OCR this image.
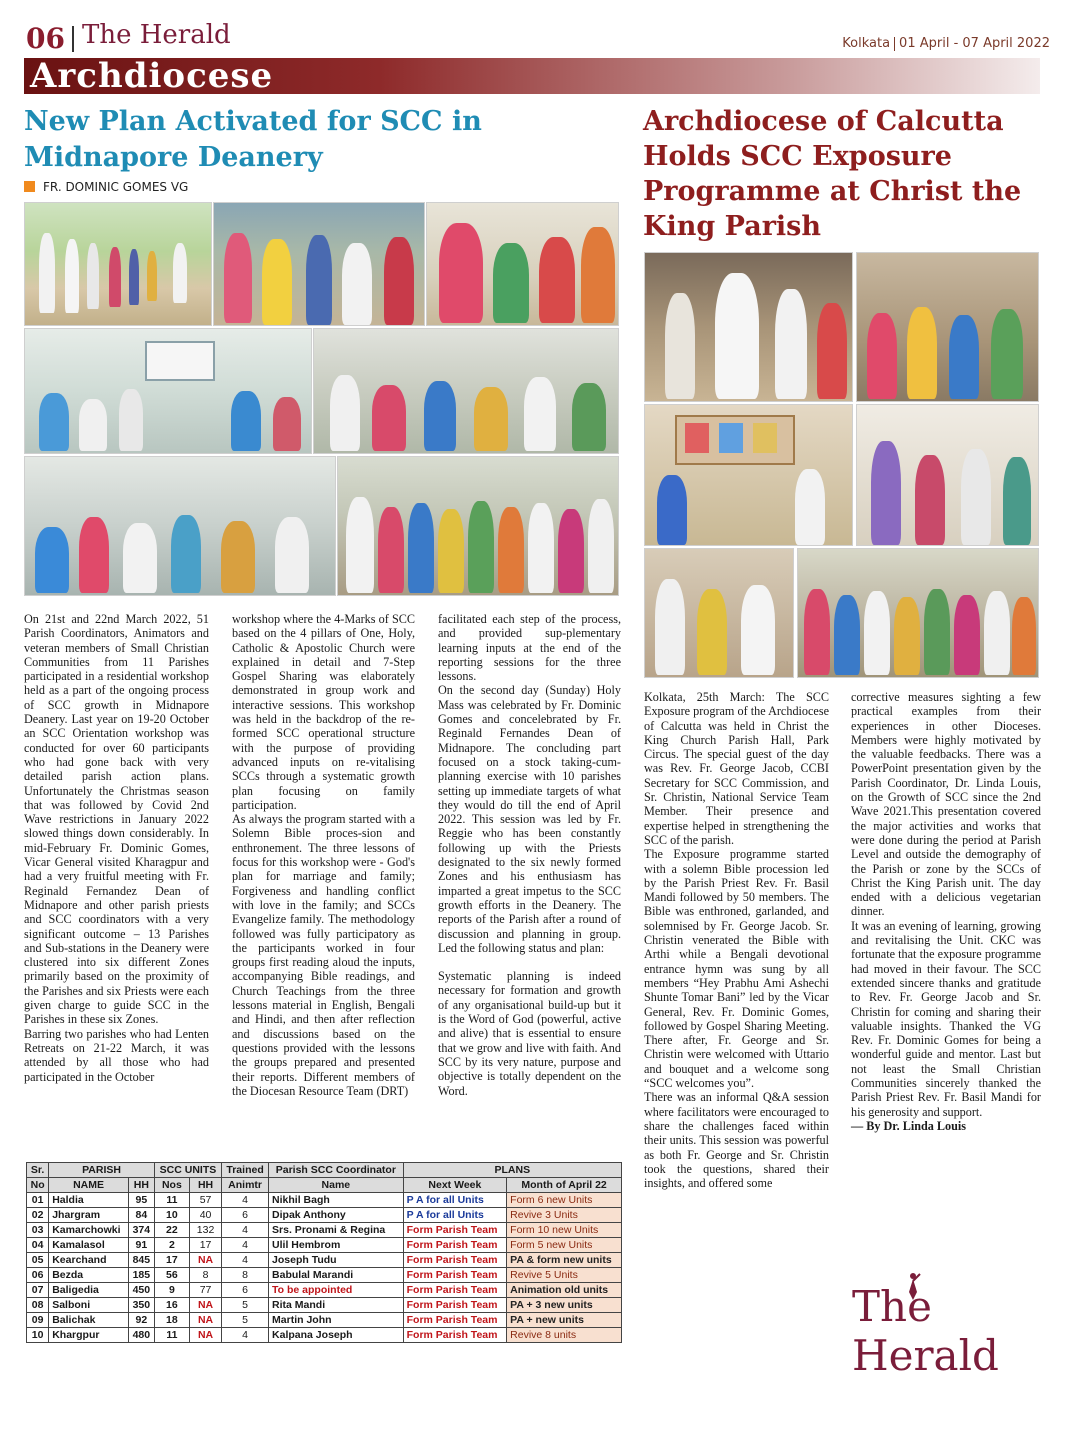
06 The Herald	Kolkata 01 April - 07 April 2022
Archdiocese
New Plan Activated for SCC in Midnapore Deanery
FR. DOMINIC GOMES VG
Archdiocese of Calcutta Holds SCC Exposure Programme at Christ the King Parish

On 21st and 22nd March 2022, 51 Parish Coordinators, Animators and veteran members of Small Christian Communities from 11 Parishes participated in a residential workshop held as a part of the ongoing process of SCC growth in Midnapore Deanery. Last year on 19-20 October an SCC Orientation workshop was conducted for over 60 participants who had gone back with very detailed parish action plans. Unfortunately the Christmas season that was followed by Covid 2nd Wave restrictions in January 2022 slowed things down considerably. In mid-February Fr. Dominic Gomes, Vicar General visited Kharagpur and had a very fruitful meeting with Fr. Reginald Fernandez Dean of Midnapore and other parish priests and SCC coordinators with a very significant outcome – 13 Parishes and Sub-stations in the Deanery were clustered into six different Zones primarily based on the proximity of the Parishes and six Priests were each given charge to guide SCC in the Parishes in these six Zones.

Barring two parishes who had Lenten Retreats on 21-22 March, it was attended by all those who had participated in the October

workshop where the 4-Marks of SCC based on the 4 pillars of One, Holy, Catholic & Apostolic Church were explained in detail and 7-Step Gospel Sharing was elaborately demonstrated in group work and interactive sessions. This workshop was held in the backdrop of the re-formed SCC operational structure with the purpose of providing advanced inputs on re-vitalising SCCs through a systematic growth plan focusing on family participation.

As always the program started with a Solemn Bible proces-sion and enthronement. The three lessons of focus for this workshop were - God's plan for marriage and family; Forgiveness and handling conflict with love in the family; and SCCs Evangelize family. The methodology followed was fully participatory as the participants worked in four groups first reading aloud the inputs, accompanying Bible readings, and Church Teachings from the three lessons material in English, Bengali and Hindi, and then after reflection and discussions based on the questions provided with the lessons the groups prepared and presented their reports. Different members of the Diocesan Resource Team (DRT)

facilitated each step of the process, and provided sup-plementary learning inputs at the end of the reporting sessions for the three lessons.

On the second day (Sunday) Holy Mass was celebrated by Fr. Dominic Gomes and concelebrated by Fr. Reginald Fernandes Dean of Midnapore. The concluding part focused on a stock taking-cum-planning exercise with 10 parishes setting up immediate targets of what they would do till the end of April 2022. This session was led by Fr. Reggie who has been constantly following up with the Priests designated to the six newly formed Zones and his enthusiasm has imparted a great impetus to the SCC growth efforts in the Deanery. The reports of the Parish after a round of discussion and planning in group. Led the following status and plan:

Systematic planning is indeed necessary for formation and growth of any organisational build-up but it is the Word of God (powerful, active and alive) that is essential to ensure that we grow and live with faith. And SCC by its very nature, purpose and objective is totally dependent on the Word.

Sr.	PARISH		SCC UNITS		Trained	Parish SCC Coordinator	PLANS	
No	NAME	HH	Nos	HH	Animtr	Name	Next Week	Month of April 22
01	Haldia	95	11	57	4	Nikhil Bagh	P A for all Units	Form 6 new Units
02	Jhargram	84	10	40	6	Dipak Anthony	P A for all Units	Revive 3 Units
03	Kamarchowki	374	22	132	4	Srs. Pronami & Regina	Form Parish Team	Form 10 new Units
04	Kamalasol	91	2	17	4	Ulil Hembrom	Form Parish Team	Form 5 new Units
05	Kearchand	845	17	NA	4	Joseph Tudu	Form Parish Team	PA & form new units
06	Bezda	185	56	8	8	Babulal Marandi	Form Parish Team	Revive 5 Units
07	Baligedia	450	9	77	6	To be appointed	Form Parish Team	Animation old units
08	Salboni	350	16	NA	5	Rita Mandi	Form Parish Team	PA + 3 new units
09	Balichak	92	18	NA	5	Martin John	Form Parish Team	PA + new units
10	Khargpur	480	11	NA	4	Kalpana Joseph	Form Parish Team	Revive 8 units

Kolkata, 25th March: The SCC Exposure program of the Archdiocese of Calcutta was held in Christ the King Church Parish Hall, Park Circus. The special guest of the day was Rev. Fr. George Jacob, CCBI Secretary for SCC Commission, and Sr. Christin, National Service Team Member. Their presence and expertise helped in strengthening the SCC of the parish.

The Exposure programme started with a solemn Bible procession led by the Parish Priest Rev. Fr. Basil Mandi followed by 50 members. The Bible was enthroned, garlanded, and solemnised by Fr. George Jacob. Sr. Christin venerated the Bible with Arthi while a Bengali devotional entrance hymn was sung by all members “Hey Prabhu Ami Ashechi Shunte Tomar Bani” led by the Vicar General, Rev. Fr. Dominic Gomes, followed by Gospel Sharing Meeting. There after, Fr. George and Sr. Christin were welcomed with Uttario and bouquet and a welcome song “SCC welcomes you”.

There was an informal Q&A session where facilitators were encouraged to share the challenges faced within their units. This session was powerful as both Fr. George and Sr. Christin took the questions, shared their insights, and offered some

corrective measures sighting a few practical examples from their experiences in other Dioceses. Members were highly motivated by the valuable feedbacks. There was a PowerPoint presentation given by the Parish Coordinator, Dr. Linda Louis, on the Growth of SCC since the 2nd Wave 2021.This presentation covered the major activities and works that were done during the period at Parish Level and outside the demography of the Parish or zone by the SCCs of Christ the King Parish unit. The day ended with a delicious vegetarian dinner.

It was an evening of learning, growing and revitalising the Unit. CKC was fortunate that the exposure programme had moved in their favour. The SCC extended sincere thanks and gratitude to Rev. Fr. George Jacob and Sr. Christin for coming and sharing their valuable insights. Thanked the VG Rev. Fr. Dominic Gomes for being a wonderful guide and mentor. Last but not least the Small Christian Communities sincerely thanked the Parish Priest Rev. Fr. Basil Mandi for his generosity and support.

— By Dr. Linda Louis

The Herald
